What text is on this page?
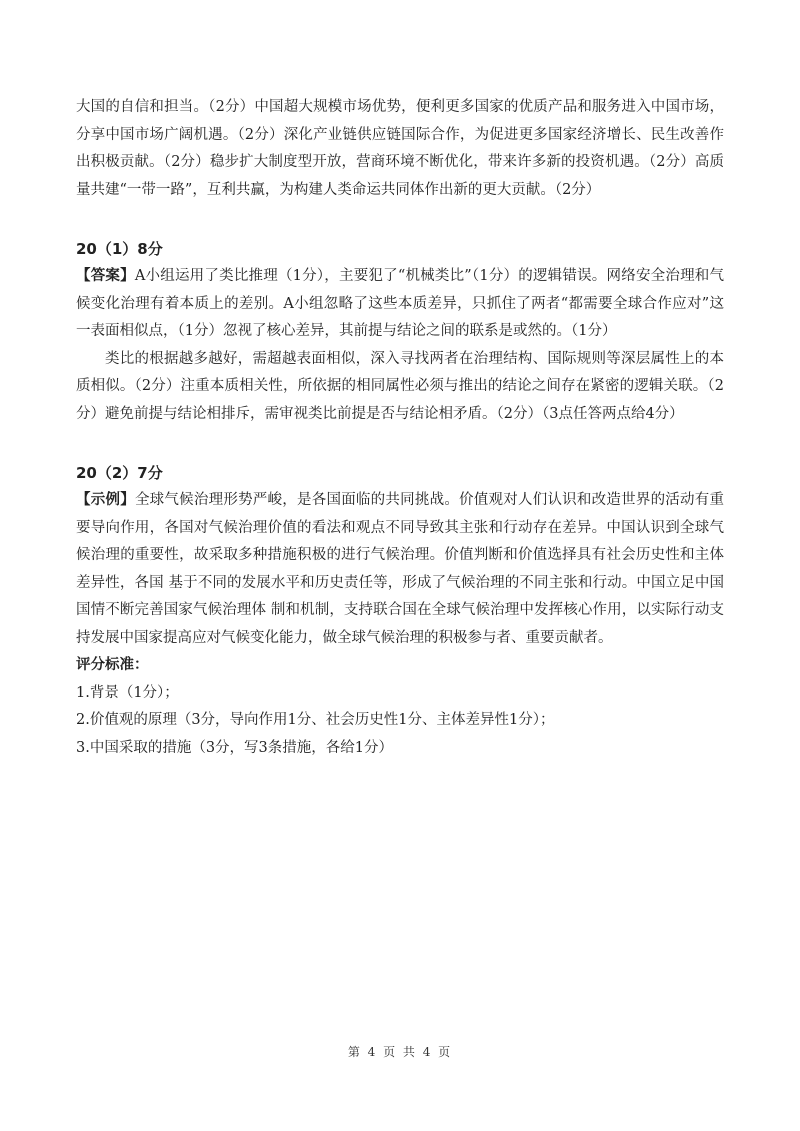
大国的自信和担当。（2分）中国超大规模市场优势，便利更多国家的优质产品和服务进入中国市场，分享中国市场广阔机遇。（2分）深化产业链供应链国际合作，为促进更多国家经济增长、民生改善作出积极贡献。（2分）稳步扩大制度型开放，营商环境不断优化，带来许多新的投资机遇。（2分）高质量共建“一带一路”，互利共赢，为构建人类命运共同体作出新的更大贡献。（2分）

20（1）8分

【答案】A小组运用了类比推理（1分），主要犯了“机械类比”（1分）的逻辑错误。网络安全治理和气候变化治理有着本质上的差别。A小组忽略了这些本质差异，只抓住了两者“都需要全球合作应对”这一表面相似点，（1分）忽视了核心差异，其前提与结论之间的联系是或然的。（1分）

类比的根据越多越好，需超越表面相似，深入寻找两者在治理结构、国际规则等深层属性上的本质相似。（2分）注重本质相关性，所依据的相同属性必须与推出的结论之间存在紧密的逻辑关联。（2分）避免前提与结论相排斥，需审视类比前提是否与结论相矛盾。（2分）（3点任答两点给4分）

20（2）7分

【示例】全球气候治理形势严峻，是各国面临的共同挑战。价值观对人们认识和改造世界的活动有重要导向作用，各国对气候治理价值的看法和观点不同导致其主张和行动存在差异。中国认识到全球气候治理的重要性，故采取多种措施积极的进行气候治理。价值判断和价值选择具有社会历史性和主体差异性，各国 基于不同的发展水平和历史责任等，形成了气候治理的不同主张和行动。中国立足中国国情不断完善国家气候治理体 制和机制，支持联合国在全球气候治理中发挥核心作用，以实际行动支持发展中国家提高应对气候变化能力，做全球气候治理的积极参与者、重要贡献者。

评分标准：

1.背景（1分）；

2.价值观的原理（3分，导向作用1分、社会历史性1分、主体差异性1分）；

3.中国采取的措施（3分，写3条措施，各给1分）

第 4 页 共 4 页
